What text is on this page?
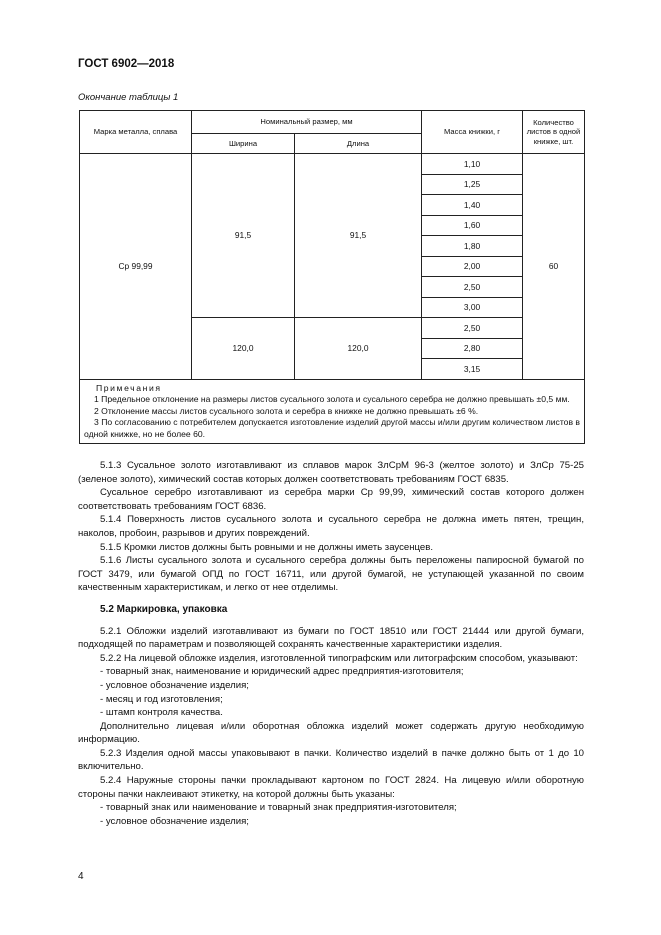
ГОСТ 6902—2018
Окончание таблицы 1
Марка металла, сплава	Номинальный размер, мм		Масса книжки, г	Количество листов в одной книжке, шт.
	Ширина	Длина		
Ср 99,99	91,5	91,5	1,10	60
			1,25	
			1,40	
			1,60	
			1,80	
			2,00	
			2,50	
			3,00	
	120,0	120,0	2,50	
			2,80	
			3,15	

Примечания
1 Предельное отклонение на размеры листов сусального золота и сусального серебра не должно превышать ±0,5 мм.
2 Отклонение массы листов сусального золота и серебра в книжке не должно превышать ±6 %.
3 По согласованию с потребителем допускается изготовление изделий другой массы и/или другим количеством листов в одной книжке, но не более 60.				

5.1.3 Сусальное золото изготавливают из сплавов марок ЗлСрМ 96-3 (желтое золото) и ЗлСр 75-25 (зеленое золото), химический состав которых должен соответствовать требованиям ГОСТ 6835.

Сусальное серебро изготавливают из серебра марки Ср 99,99, химический состав которого должен соответствовать требованиям ГОСТ 6836.

5.1.4 Поверхность листов сусального золота и сусального серебра не должна иметь пятен, трещин, наколов, пробоин, разрывов и других повреждений.

5.1.5 Кромки листов должны быть ровными и не должны иметь заусенцев.

5.1.6 Листы сусального золота и сусального серебра должны быть переложены папиросной бумагой по ГОСТ 3479, или бумагой ОПД по ГОСТ 16711, или другой бумагой, не уступающей указанной по своим качественным характеристикам, и легко от нее отделимы.

5.2 Маркировка, упаковка

5.2.1 Обложки изделий изготавливают из бумаги по ГОСТ 18510 или ГОСТ 21444 или другой бумаги, подходящей по параметрам и позволяющей сохранять качественные характеристики изделия.

5.2.2 На лицевой обложке изделия, изготовленной типографским или литографским способом, указывают:

- товарный знак, наименование и юридический адрес предприятия-изготовителя;

- условное обозначение изделия;

- месяц и год изготовления;

- штамп контроля качества.

Дополнительно лицевая и/или оборотная обложка изделий может содержать другую необходимую информацию.

5.2.3 Изделия одной массы упаковывают в пачки. Количество изделий в пачке должно быть от 1 до 10 включительно.

5.2.4 Наружные стороны пачки прокладывают картоном по ГОСТ 2824. На лицевую и/или оборотную стороны пачки наклеивают этикетку, на которой должны быть указаны:

- товарный знак или наименование и товарный знак предприятия-изготовителя;

- условное обозначение изделия;

4
